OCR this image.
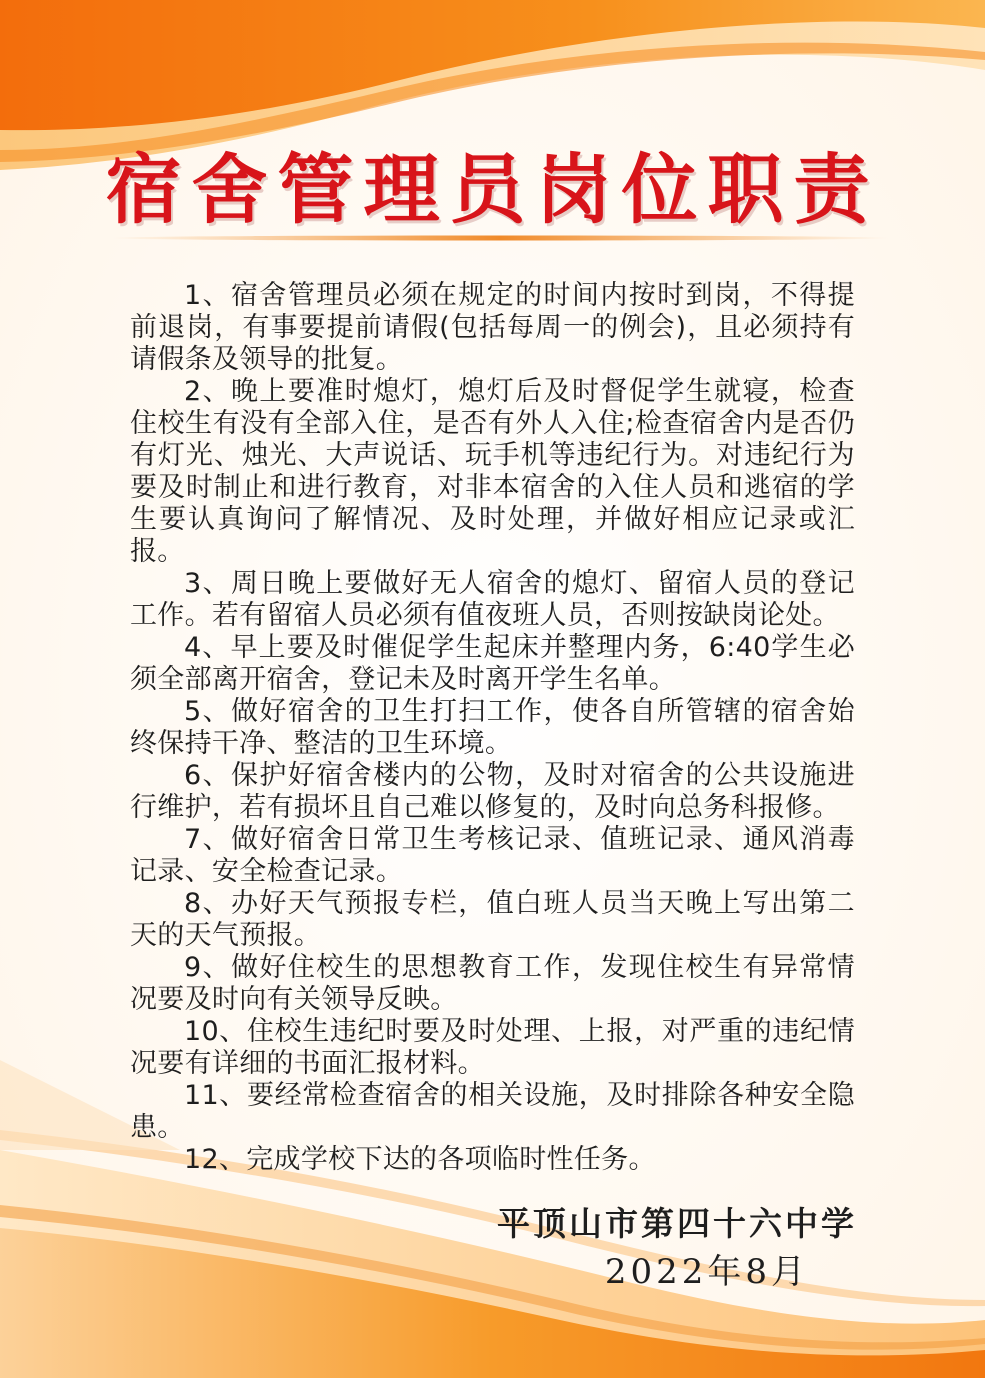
宿舍管理员岗位职责

1、宿舍管理员必须在规定的时间内按时到岗，不得提前退岗，有事要提前请假(包括每周一的例会)，且必须持有请假条及领导的批复。

2、晚上要准时熄灯，熄灯后及时督促学生就寝，检查住校生有没有全部入住，是否有外人入住;检查宿舍内是否仍有灯光、烛光、大声说话、玩手机等违纪行为。对违纪行为要及时制止和进行教育，对非本宿舍的入住人员和逃宿的学生要认真询问了解情况、及时处理，并做好相应记录或汇报。

3、周日晚上要做好无人宿舍的熄灯、留宿人员的登记工作。若有留宿人员必须有值夜班人员，否则按缺岗论处。

4、早上要及时催促学生起床并整理内务，6:40学生必须全部离开宿舍，登记未及时离开学生名单。

5、做好宿舍的卫生打扫工作，使各自所管辖的宿舍始终保持干净、整洁的卫生环境。

6、保护好宿舍楼内的公物，及时对宿舍的公共设施进行维护，若有损坏且自己难以修复的，及时向总务科报修。

7、做好宿舍日常卫生考核记录、值班记录、通风消毒记录、安全检查记录。

8、办好天气预报专栏，值白班人员当天晚上写出第二天的天气预报。

9、做好住校生的思想教育工作，发现住校生有异常情况要及时向有关领导反映。

10、住校生违纪时要及时处理、上报，对严重的违纪情况要有详细的书面汇报材料。

11、要经常检查宿舍的相关设施，及时排除各种安全隐患。

12、完成学校下达的各项临时性任务。

平顶山市第四十六中学
2022年8月
